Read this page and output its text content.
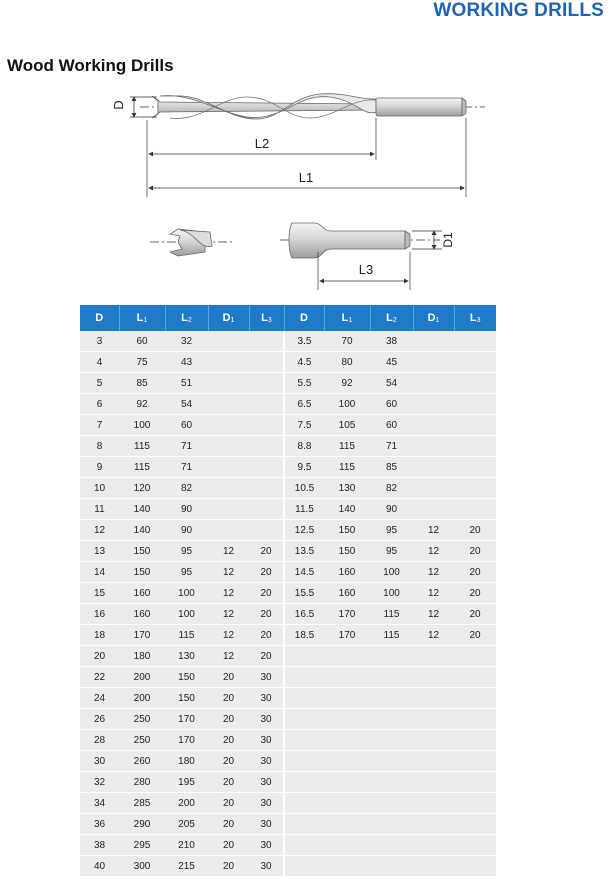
WORKING DRILLS
Wood Working Drills
D
L2
L1
D1
L3
D	L1	L2	D1	L3	D	L1	L2	D1	L3
3	60	32			3.5	70	38		
4	75	43			4.5	80	45		
5	85	51			5.5	92	54		
6	92	54			6.5	100	60		
7	100	60			7.5	105	60		
8	115	71			8.8	115	71		
9	115	71			9.5	115	85		
10	120	82			10.5	130	82		
11	140	90			11.5	140	90		
12	140	90			12.5	150	95	12	20
13	150	95	12	20	13.5	150	95	12	20
14	150	95	12	20	14.5	160	100	12	20
15	160	100	12	20	15.5	160	100	12	20
16	160	100	12	20	16.5	170	115	12	20
18	170	115	12	20	18.5	170	115	12	20
20	180	130	12	20					
22	200	150	20	30					
24	200	150	20	30					
26	250	170	20	30					
28	250	170	20	30					
30	260	180	20	30					
32	280	195	20	30					
34	285	200	20	30					
36	290	205	20	30					
38	295	210	20	30					
40	300	215	20	30					
